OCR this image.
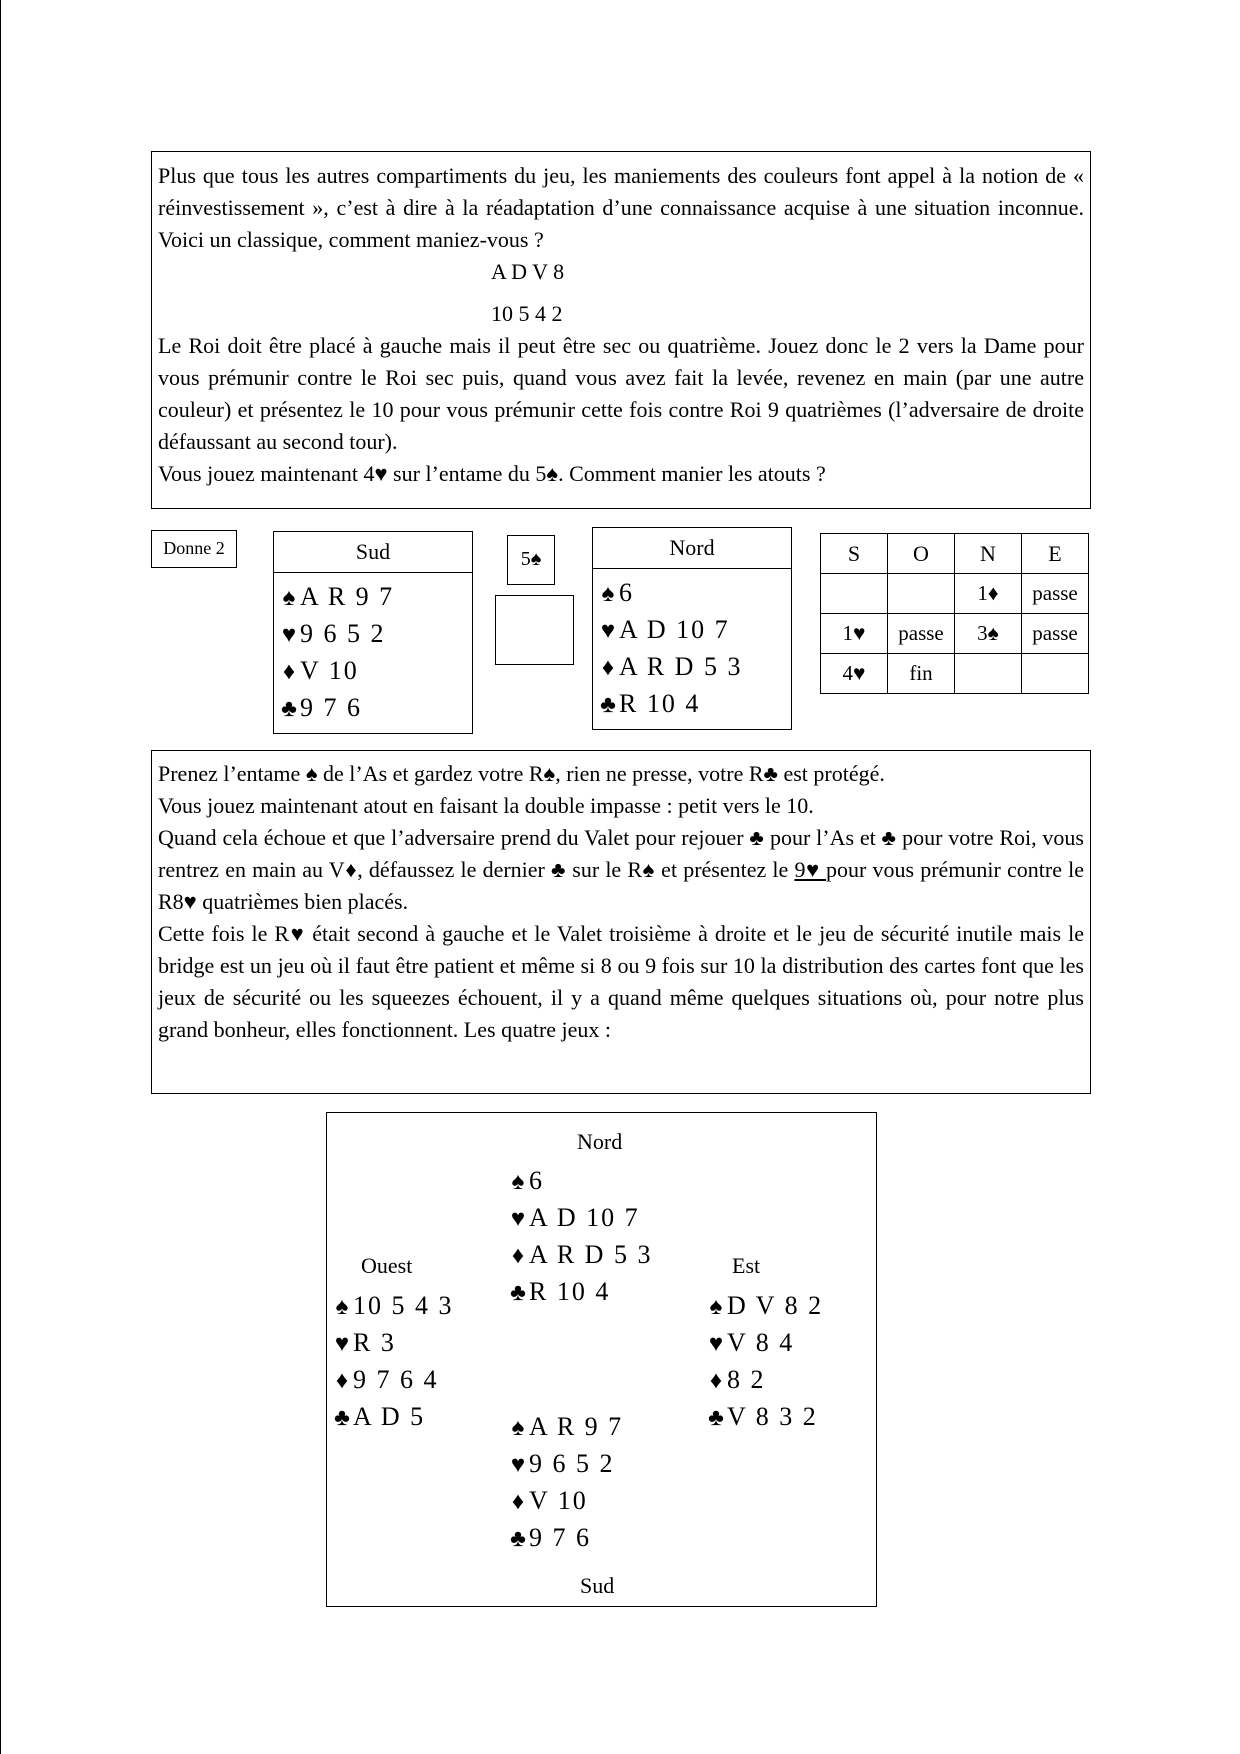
Plus que tous les autres compartiments du jeu, les maniements des couleurs font appel à la notion de « réinvestissement », c’est à dire à la réadaptation d’une connaissance acquise à une situation inconnue. Voici un classique, comment maniez-vous ?
A D V 8
10 5 4 2
Le Roi doit être placé à gauche mais il peut être sec ou quatrième. Jouez donc le 2 vers la Dame pour vous prémunir contre le Roi sec puis, quand vous avez fait la levée, revenez en main (par une autre couleur) et présentez le 10 pour vous prémunir cette fois contre Roi 9 quatrièmes (l’adversaire de droite défaussant au second tour).
Vous jouez maintenant 4♥ sur l’entame du 5♠. Comment manier les atouts ?
Donne 2	Sud
♠ A R 9 7
♥ 9 6 5 2
♦ V 10
♣ 9 7 6
5♠	Nord
♠ 6
♥ A D 10 7
♦ A R D 5 3
♣ R 10 4
S	O	N	E
		1♦	passe
1♥	passe	3♠	passe
4♥	fin		
Prenez l’entame ♠ de l’As et gardez votre R♠, rien ne presse, votre R♣ est protégé.
Vous jouez maintenant atout en faisant la double impasse : petit vers le 10.
Quand cela échoue et que l’adversaire prend du Valet pour rejouer ♣ pour l’As et ♣ pour votre Roi, vous rentrez en main au V♦, défaussez le dernier ♣ sur le R♠ et présentez le 9♥ pour vous prémunir contre le R8♥ quatrièmes bien placés.
Cette fois le R♥ était second à gauche et le Valet troisième à droite et le jeu de sécurité inutile mais le bridge est un jeu où il faut être patient et même si 8 ou 9 fois sur 10 la distribution des cartes font que les jeux de sécurité ou les squeezes échouent, il y a quand même quelques situations où, pour notre plus grand bonheur, elles fonctionnent. Les quatre jeux :
Nord
Sud
Ouest	Est
♠ 6
♥ A D 10 7
♦ A R D 5 3
♣ R 10 4
♠ 10 5 4 3
♥ R 3
♦ 9 7 6 4
♣ A D 5
♠ D V 8 2
♥ V 8 4
♦ 8 2
♣ V 8 3 2
♠ A R 9 7
♥ 9 6 5 2
♦ V 10
♣ 9 7 6
